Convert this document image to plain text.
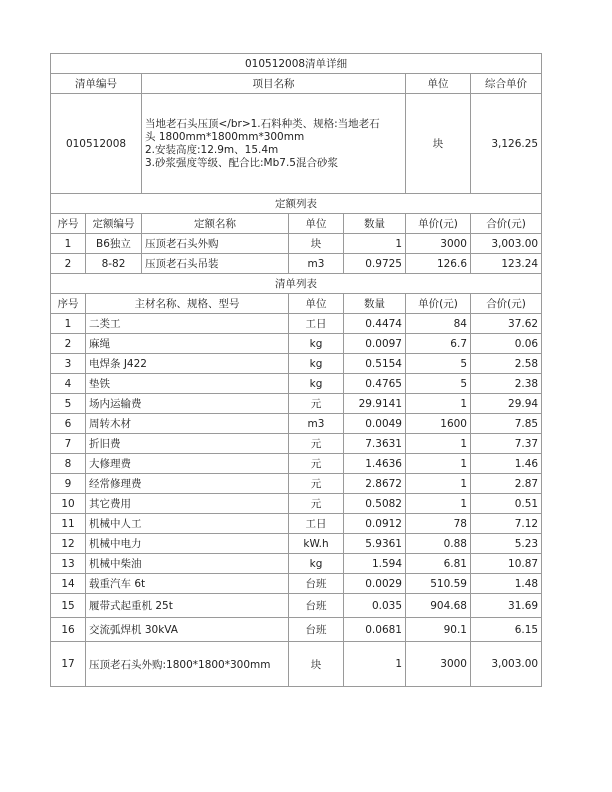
010512008清单详细						
清单编号		项目名称			单位	综合单价
010512008		当地老石头压顶</br>1.石料种类、规格:当地老石
头 1800mm*1800mm*300mm
2.安装高度:12.9m、15.4m
3.砂浆强度等级、配合比:Mb7.5混合砂浆			块	3,126.25
定额列表						
序号	定额编号	定额名称	单位	数量	单价(元)	合价(元)
1	B6独立	压顶老石头外购	块	1	3000	3,003.00
2	8-82	压顶老石头吊装	m3	0.9725	126.6	123.24
清单列表						
序号	主材名称、规格、型号		单位	数量	单价(元)	合价(元)
1	二类工		工日	0.4474	84	37.62
2	麻绳		kg	0.0097	6.7	0.06
3	电焊条 J422		kg	0.5154	5	2.58
4	垫铁		kg	0.4765	5	2.38
5	场内运输费		元	29.9141	1	29.94
6	周转木材		m3	0.0049	1600	7.85
7	折旧费		元	7.3631	1	7.37
8	大修理费		元	1.4636	1	1.46
9	经常修理费		元	2.8672	1	2.87
10	其它费用		元	0.5082	1	0.51
11	机械中人工		工日	0.0912	78	7.12
12	机械中电力		kW.h	5.9361	0.88	5.23
13	机械中柴油		kg	1.594	6.81	10.87
14	载重汽车 6t		台班	0.0029	510.59	1.48
15	履带式起重机 25t		台班	0.035	904.68	31.69
16	交流弧焊机 30kVA		台班	0.0681	90.1	6.15
17	压顶老石头外购:1800*1800*300mm		块	1	3000	3,003.00
